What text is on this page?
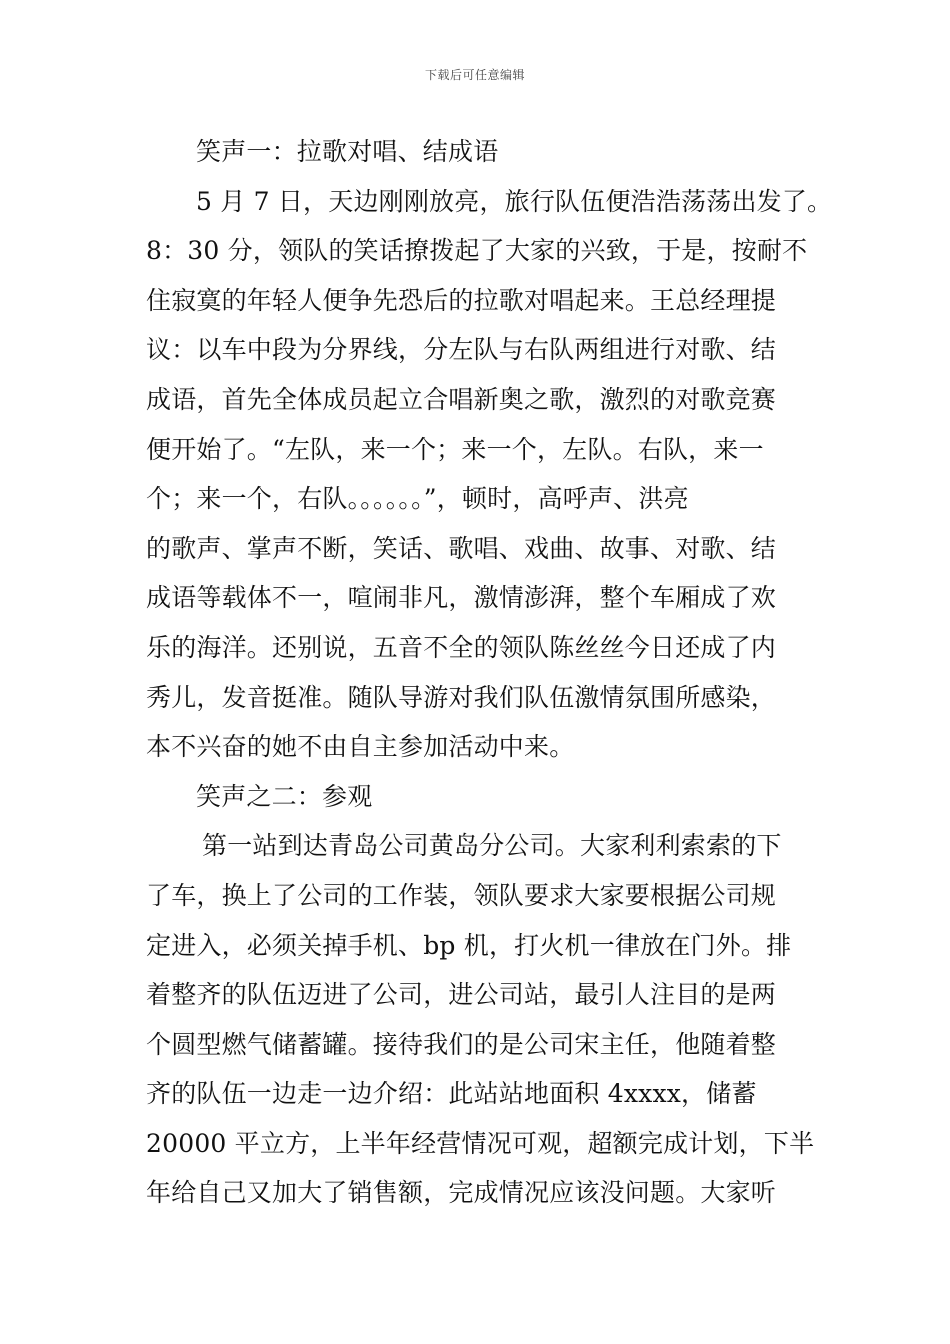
下载后可任意编辑
笑声一：拉歌对唱、结成语
5 月 7 日，天边刚刚放亮，旅行队伍便浩浩荡荡出发了。
8：30 分，领队的笑话撩拨起了大家的兴致，于是，按耐不
住寂寞的年轻人便争先恐后的拉歌对唱起来。王总经理提
议：以车中段为分界线，分左队与右队两组进行对歌、结
成语，首先全体成员起立合唱新奥之歌，激烈的对歌竞赛
便开始了。“左队，来一个；来一个，左队。右队，来一
个；来一个，右队。。。。。。”，顿时，高呼声、洪亮
的歌声、掌声不断，笑话、歌唱、戏曲、故事、对歌、结
成语等载体不一，喧闹非凡，激情澎湃，整个车厢成了欢
乐的海洋。还别说，五音不全的领队陈丝丝今日还成了内
秀儿，发音挺准。随队导游对我们队伍激情氛围所感染，
本不兴奋的她不由自主参加活动中来。
笑声之二：参观
第一站到达青岛公司黄岛分公司。大家利利索索的下
了车，换上了公司的工作装，领队要求大家要根据公司规
定进入，必须关掉手机、bp 机，打火机一律放在门外。排
着整齐的队伍迈进了公司，进公司站，最引人注目的是两
个圆型燃气储蓄罐。接待我们的是公司宋主任，他随着整
齐的队伍一边走一边介绍：此站站地面积 4xxxx，储蓄
20000 平立方，上半年经营情况可观，超额完成计划，下半
年给自己又加大了销售额，完成情况应该没问题。大家听
